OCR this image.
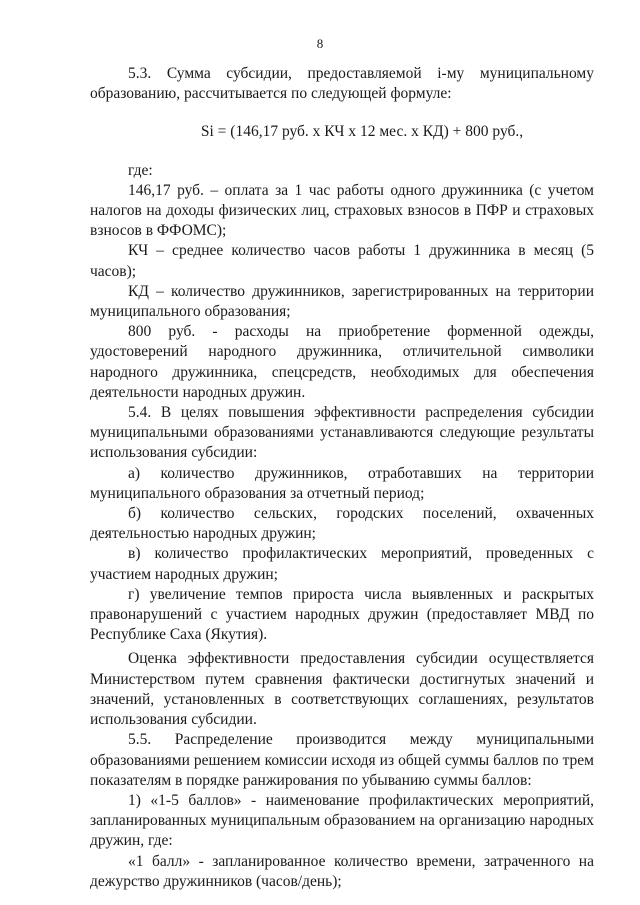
8

5.3. Сумма субсидии, предоставляемой i-му муниципальному образованию, рассчитывается по следующей формуле:

Si = (146,17 руб. х КЧ х 12 мес. х КД) + 800 руб.,

где:

146,17 руб. – оплата за 1 час работы одного дружинника (с учетом налогов на доходы физических лиц, страховых взносов в ПФР и страховых взносов в ФФОМС);

КЧ – среднее количество часов работы 1 дружинника в месяц (5 часов);

КД – количество дружинников, зарегистрированных на территории муниципального образования;

800 руб. - расходы на приобретение форменной одежды, удостоверений народного дружинника, отличительной символики народного дружинника, спецсредств, необходимых для обеспечения деятельности народных дружин.

5.4. В целях повышения эффективности распределения субсидии муниципальными образованиями устанавливаются следующие результаты использования субсидии:

а) количество дружинников, отработавших на территории муниципального образования за отчетный период;

б) количество сельских, городских поселений, охваченных деятельностью народных дружин;

в) количество профилактических мероприятий, проведенных с участием народных дружин;

г) увеличение темпов прироста числа выявленных и раскрытых правонарушений с участием народных дружин (предоставляет МВД по Республике Саха (Якутия).

Оценка эффективности предоставления субсидии осуществляется Министерством путем сравнения фактически достигнутых значений и значений, установленных в соответствующих соглашениях, результатов использования субсидии.

5.5. Распределение производится между муниципальными образованиями решением комиссии исходя из общей суммы баллов по трем показателям в порядке ранжирования по убыванию суммы баллов:

1) «1-5 баллов» - наименование профилактических мероприятий, запланированных муниципальным образованием на организацию народных дружин, где:

«1 балл» - запланированное количество времени, затраченного на дежурство дружинников (часов/день);
